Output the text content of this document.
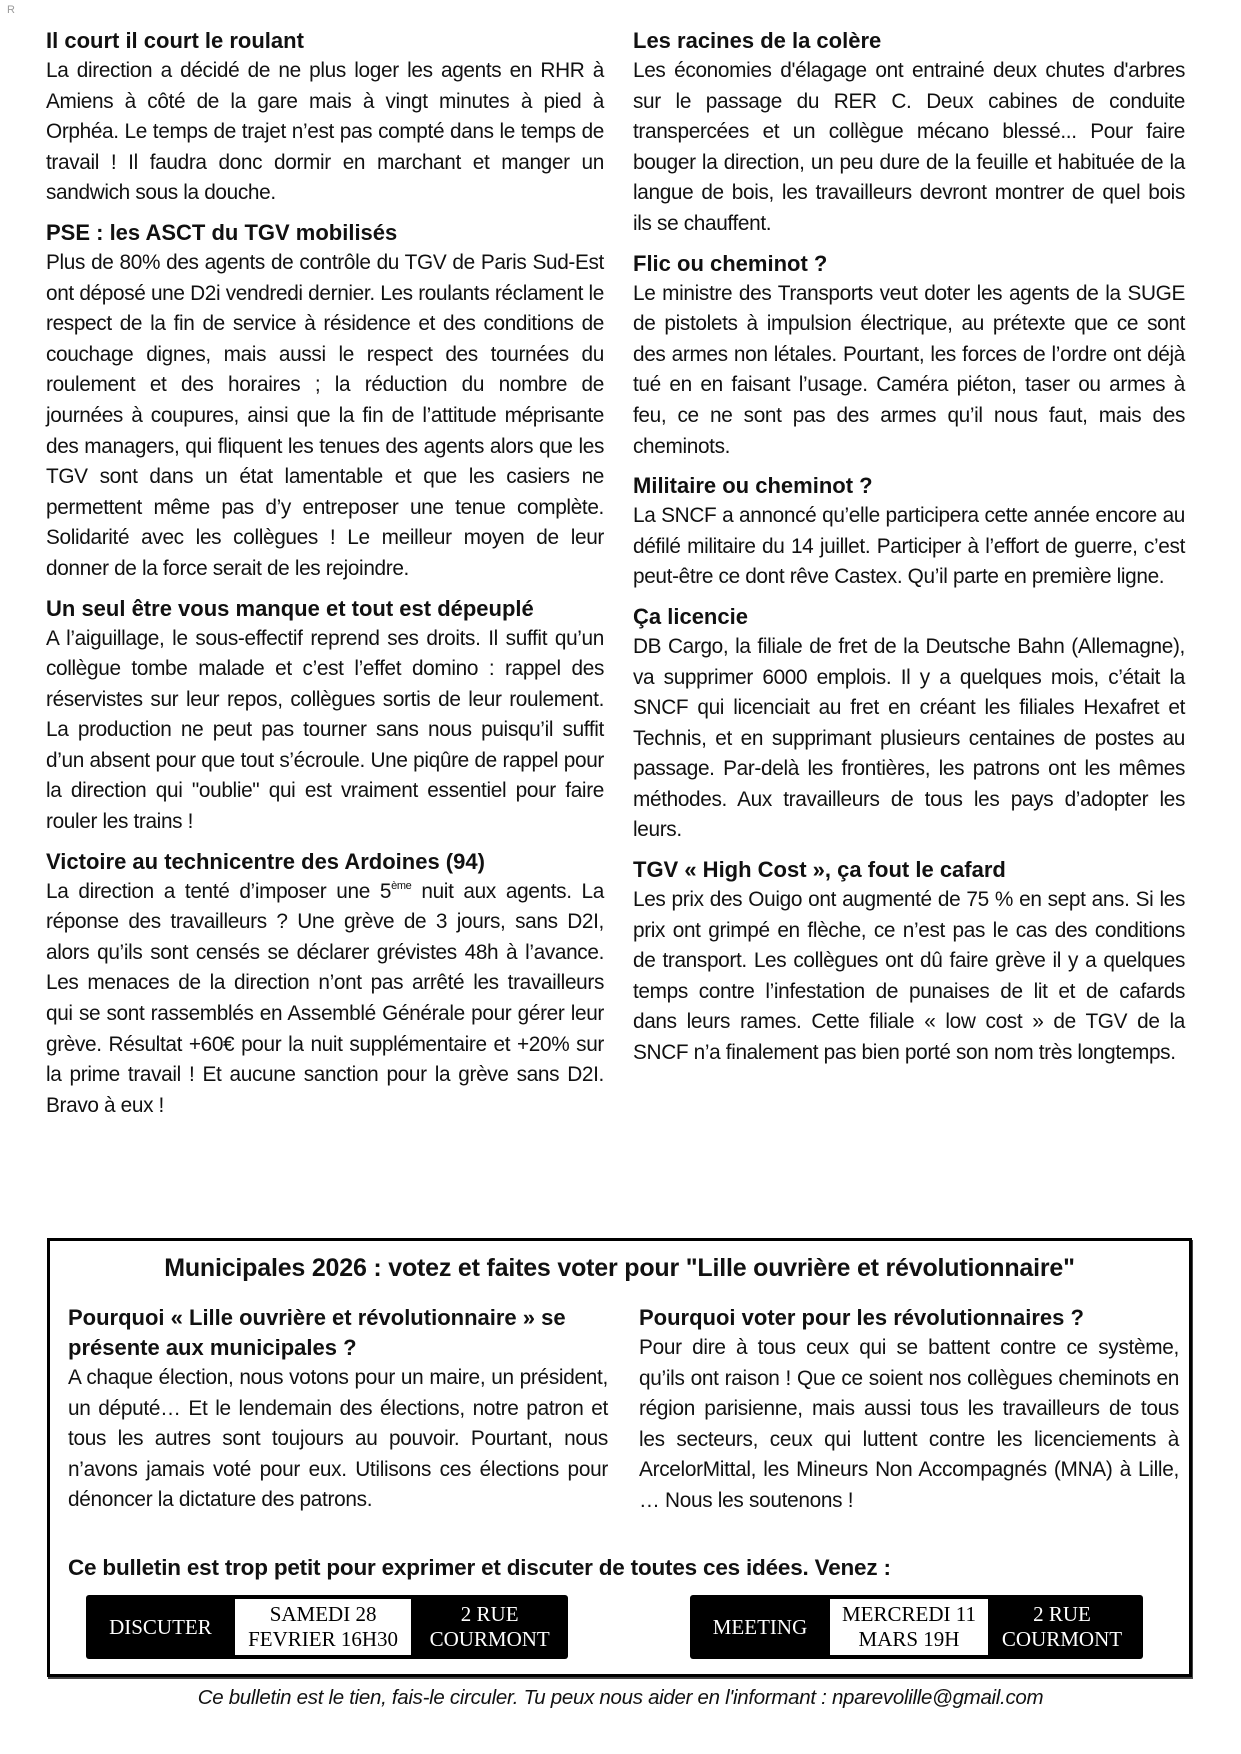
R
Il court il court le roulant

La direction a décidé de ne plus loger les agents en RHR à Amiens à côté de la gare mais à vingt minutes à pied à Orphéa. Le temps de trajet n’est pas compté dans le temps de travail ! Il faudra donc dormir en marchant et manger un sandwich sous la douche.

PSE : les ASCT du TGV mobilisés

Plus de 80% des agents de contrôle du TGV de Paris Sud-Est ont déposé une D2i vendredi dernier. Les roulants réclament le respect de la fin de service à résidence et des conditions de couchage dignes, mais aussi le respect des tournées du roulement et des horaires ; la réduction du nombre de journées à coupures, ainsi que la fin de l’attitude méprisante des managers, qui fliquent les tenues des agents alors que les TGV sont dans un état lamentable et que les casiers ne permettent même pas d’y entreposer une tenue complète. Solidarité avec les collègues ! Le meilleur moyen de leur donner de la force serait de les rejoindre.

Un seul être vous manque et tout est dépeuplé

A l’aiguillage, le sous-effectif reprend ses droits. Il suffit qu’un collègue tombe malade et c’est l’effet domino : rappel des réservistes sur leur repos, collègues sortis de leur roulement. La production ne peut pas tourner sans nous puisqu’il suffit d’un absent pour que tout s’écroule. Une piqûre de rappel pour la direction qui "oublie" qui est vraiment essentiel pour faire rouler les trains !

Victoire au technicentre des Ardoines (94)

La direction a tenté d’imposer une 5ème nuit aux agents. La réponse des travailleurs ? Une grève de 3 jours, sans D2I, alors qu’ils sont censés se déclarer grévistes 48h à l’avance. Les menaces de la direction n’ont pas arrêté les travailleurs qui se sont rassemblés en Assemblé Générale pour gérer leur grève. Résultat +60€ pour la nuit supplémentaire et +20% sur la prime travail ! Et aucune sanction pour la grève sans D2I. Bravo à eux !

Les racines de la colère

Les économies d'élagage ont entrainé deux chutes d'arbres sur le passage du RER C. Deux cabines de conduite transpercées et un collègue mécano blessé... Pour faire bouger la direction, un peu dure de la feuille et habituée de la langue de bois, les travailleurs devront montrer de quel bois ils se chauffent.

Flic ou cheminot ?

Le ministre des Transports veut doter les agents de la SUGE de pistolets à impulsion électrique, au prétexte que ce sont des armes non létales. Pourtant, les forces de l’ordre ont déjà tué en en faisant l’usage. Caméra piéton, taser ou armes à feu, ce ne sont pas des armes qu’il nous faut, mais des cheminots.

Militaire ou cheminot ?

La SNCF a annoncé qu’elle participera cette année encore au défilé militaire du 14 juillet. Participer à l’effort de guerre, c’est peut-être ce dont rêve Castex. Qu’il parte en première ligne.

Ça licencie

DB Cargo, la filiale de fret de la Deutsche Bahn (Allemagne), va supprimer 6000 emplois. Il y a quelques mois, c’était la SNCF qui licenciait au fret en créant les filiales Hexafret et Technis, et en supprimant plusieurs centaines de postes au passage. Par-delà les frontières, les patrons ont les mêmes méthodes. Aux travailleurs de tous les pays d’adopter les leurs.

TGV « High Cost », ça fout le cafard

Les prix des Ouigo ont augmenté de 75 % en sept ans. Si les prix ont grimpé en flèche, ce n’est pas le cas des conditions de transport. Les collègues ont dû faire grève il y a quelques temps contre l’infestation de punaises de lit et de cafards dans leurs rames. Cette filiale « low cost » de TGV de la SNCF n’a finalement pas bien porté son nom très longtemps.

Municipales 2026 : votez et faites voter pour "Lille ouvrière et révolutionnaire"
Pourquoi « Lille ouvrière et révolutionnaire » se présente aux municipales ?

A chaque élection, nous votons pour un maire, un président, un député… Et le lendemain des élections, notre patron et tous les autres sont toujours au pouvoir. Pourtant, nous n’avons jamais voté pour eux. Utilisons ces élections pour dénoncer la dictature des patrons.

Pourquoi voter pour les révolutionnaires ?

Pour dire à tous ceux qui se battent contre ce système, qu’ils ont raison ! Que ce soient nos collègues cheminots en région parisienne, mais aussi tous les travailleurs de tous les secteurs, ceux qui luttent contre les licenciements à ArcelorMittal, les Mineurs Non Accompagnés (MNA) à Lille, … Nous les soutenons !

Ce bulletin est trop petit pour exprimer et discuter de toutes ces idées. Venez :
DISCUTER
SAMEDI 28
FEVRIER 16H30
2 RUE
COURMONT
MEETING
MERCREDI 11
MARS 19H
2 RUE
COURMONT
Ce bulletin est le tien, fais-le circuler. Tu peux nous aider en l'informant : nparevolille@gmail.com
